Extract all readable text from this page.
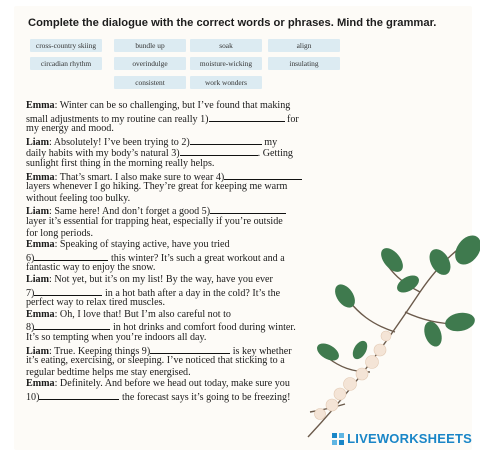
Complete the dialogue with the correct words or phrases. Mind the grammar.
cross-country skiing	bundle up	soak	align
circadian rhythm	overindulge	moisture-wicking	insulating
consistent	work wonders
Emma: Winter can be so challenging, but I’ve found that making
small adjustments to my routine can really 1)	for
my energy and mood.
Liam: Absolutely! I’ve been trying to 2)	my
daily habits with my body’s natural 3)	. Getting
sunlight first thing in the morning really helps.
Emma: That’s smart. I also make sure to wear 4)
layers whenever I go hiking. They’re great for keeping me warm
without feeling too bulky.
Liam: Same here! And don’t forget a good 5)
layer it’s essential for trapping heat, especially if you’re outside
for long periods.
Emma: Speaking of staying active, have you tried
6)	this winter? It’s such a great workout and a
fantastic way to enjoy the snow.
Liam: Not yet, but it’s on my list! By the way, have you ever
7)	in a hot bath after a day in the cold? It’s the
perfect way to relax tired muscles.
Emma: Oh, I love that! But I’m also careful not to
8)	in hot drinks and comfort food during winter.
It’s so tempting when you’re indoors all day.
Liam: True. Keeping things 9)	is key whether
it’s eating, exercising, or sleeping. I’ve noticed that sticking to a
regular bedtime helps me stay energised.
Emma: Definitely. And before we head out today, make sure you
10)	the forecast says it’s going to be freezing!
LIVEWORKSHEETS
